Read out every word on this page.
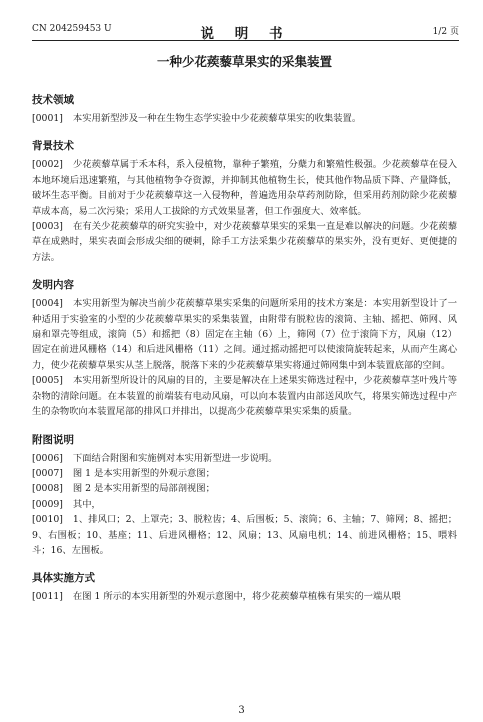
CN 204259453 U	说 明 书	1/2 页
一种少花蒺藜草果实的采集装置
技术领域

[0001] 本实用新型涉及一种在生物生态学实验中少花蒺藜草果实的收集装置。

背景技术

[0002] 少花蒺藜草属于禾本科，系入侵植物，靠种子繁殖，分蘖力和繁殖性极强。少花蒺藜草在侵入本地环境后迅速繁殖，与其他植物争夺资源，并抑制其他植物生长，使其他作物品质下降、产量降低，破坏生态平衡。目前对于少花蒺藜草这一入侵物种，普遍选用杂草药剂防除，但采用药剂防除少花蒺藜草成本高，易二次污染；采用人工拔除的方式效果显著，但工作强度大、效率低。

[0003] 在有关少花蒺藜草的研究实验中，对少花蒺藜草果实的采集一直是难以解决的问题。少花蒺藜草在成熟时，果实表面会形成尖细的硬刺，除手工方法采集少花蒺藜草的果实外，没有更好、更便捷的方法。

发明内容

[0004] 本实用新型为解决当前少花蒺藜草果实采集的问题所采用的技术方案是：本实用新型设计了一种适用于实验室的小型的少花蒺藜草果实的采集装置，由附带有脱粒齿的滚筒、主轴、摇把、筛网、风扇和罩壳等组成，滚筒（5）和摇把（8）固定在主轴（6）上，筛网（7）位于滚筒下方，风扇（12）固定在前进风栅格（14）和后进风栅格（11）之间。通过摇动摇把可以使滚筒旋转起来，从而产生离心力，使少花蒺藜草果实从茎上脱落，脱落下来的少花蒺藜草果实将通过筛网集中到本装置底部的空间。

[0005] 本实用新型所设计的风扇的目的，主要是解决在上述果实筛选过程中，少花蒺藜草茎叶残片等杂物的清除问题。在本装置的前端装有电动风扇，可以向本装置内由部送风吹气，将果实筛选过程中产生的杂物吹向本装置尾部的排风口并排出，以提高少花蒺藜草果实采集的质量。

附图说明

[0006] 下面结合附图和实施例对本实用新型进一步说明。

[0007] 图 1 是本实用新型的外观示意图；

[0008] 图 2 是本实用新型的局部剖视图；

[0009] 其中，

[0010] 1、排风口；2、上罩壳；3、脱粒齿；4、后围板；5、滚筒；6、主轴；7、筛网；8、摇把；9、右围板；10、基座；11、后进风栅格；12、风扇；13、风扇电机；14、前进风栅格；15、喂料斗；16、左围板。

具体实施方式

[0011] 在图 1 所示的本实用新型的外观示意图中，将少花蒺藜草植株有果实的一端从喂

3
